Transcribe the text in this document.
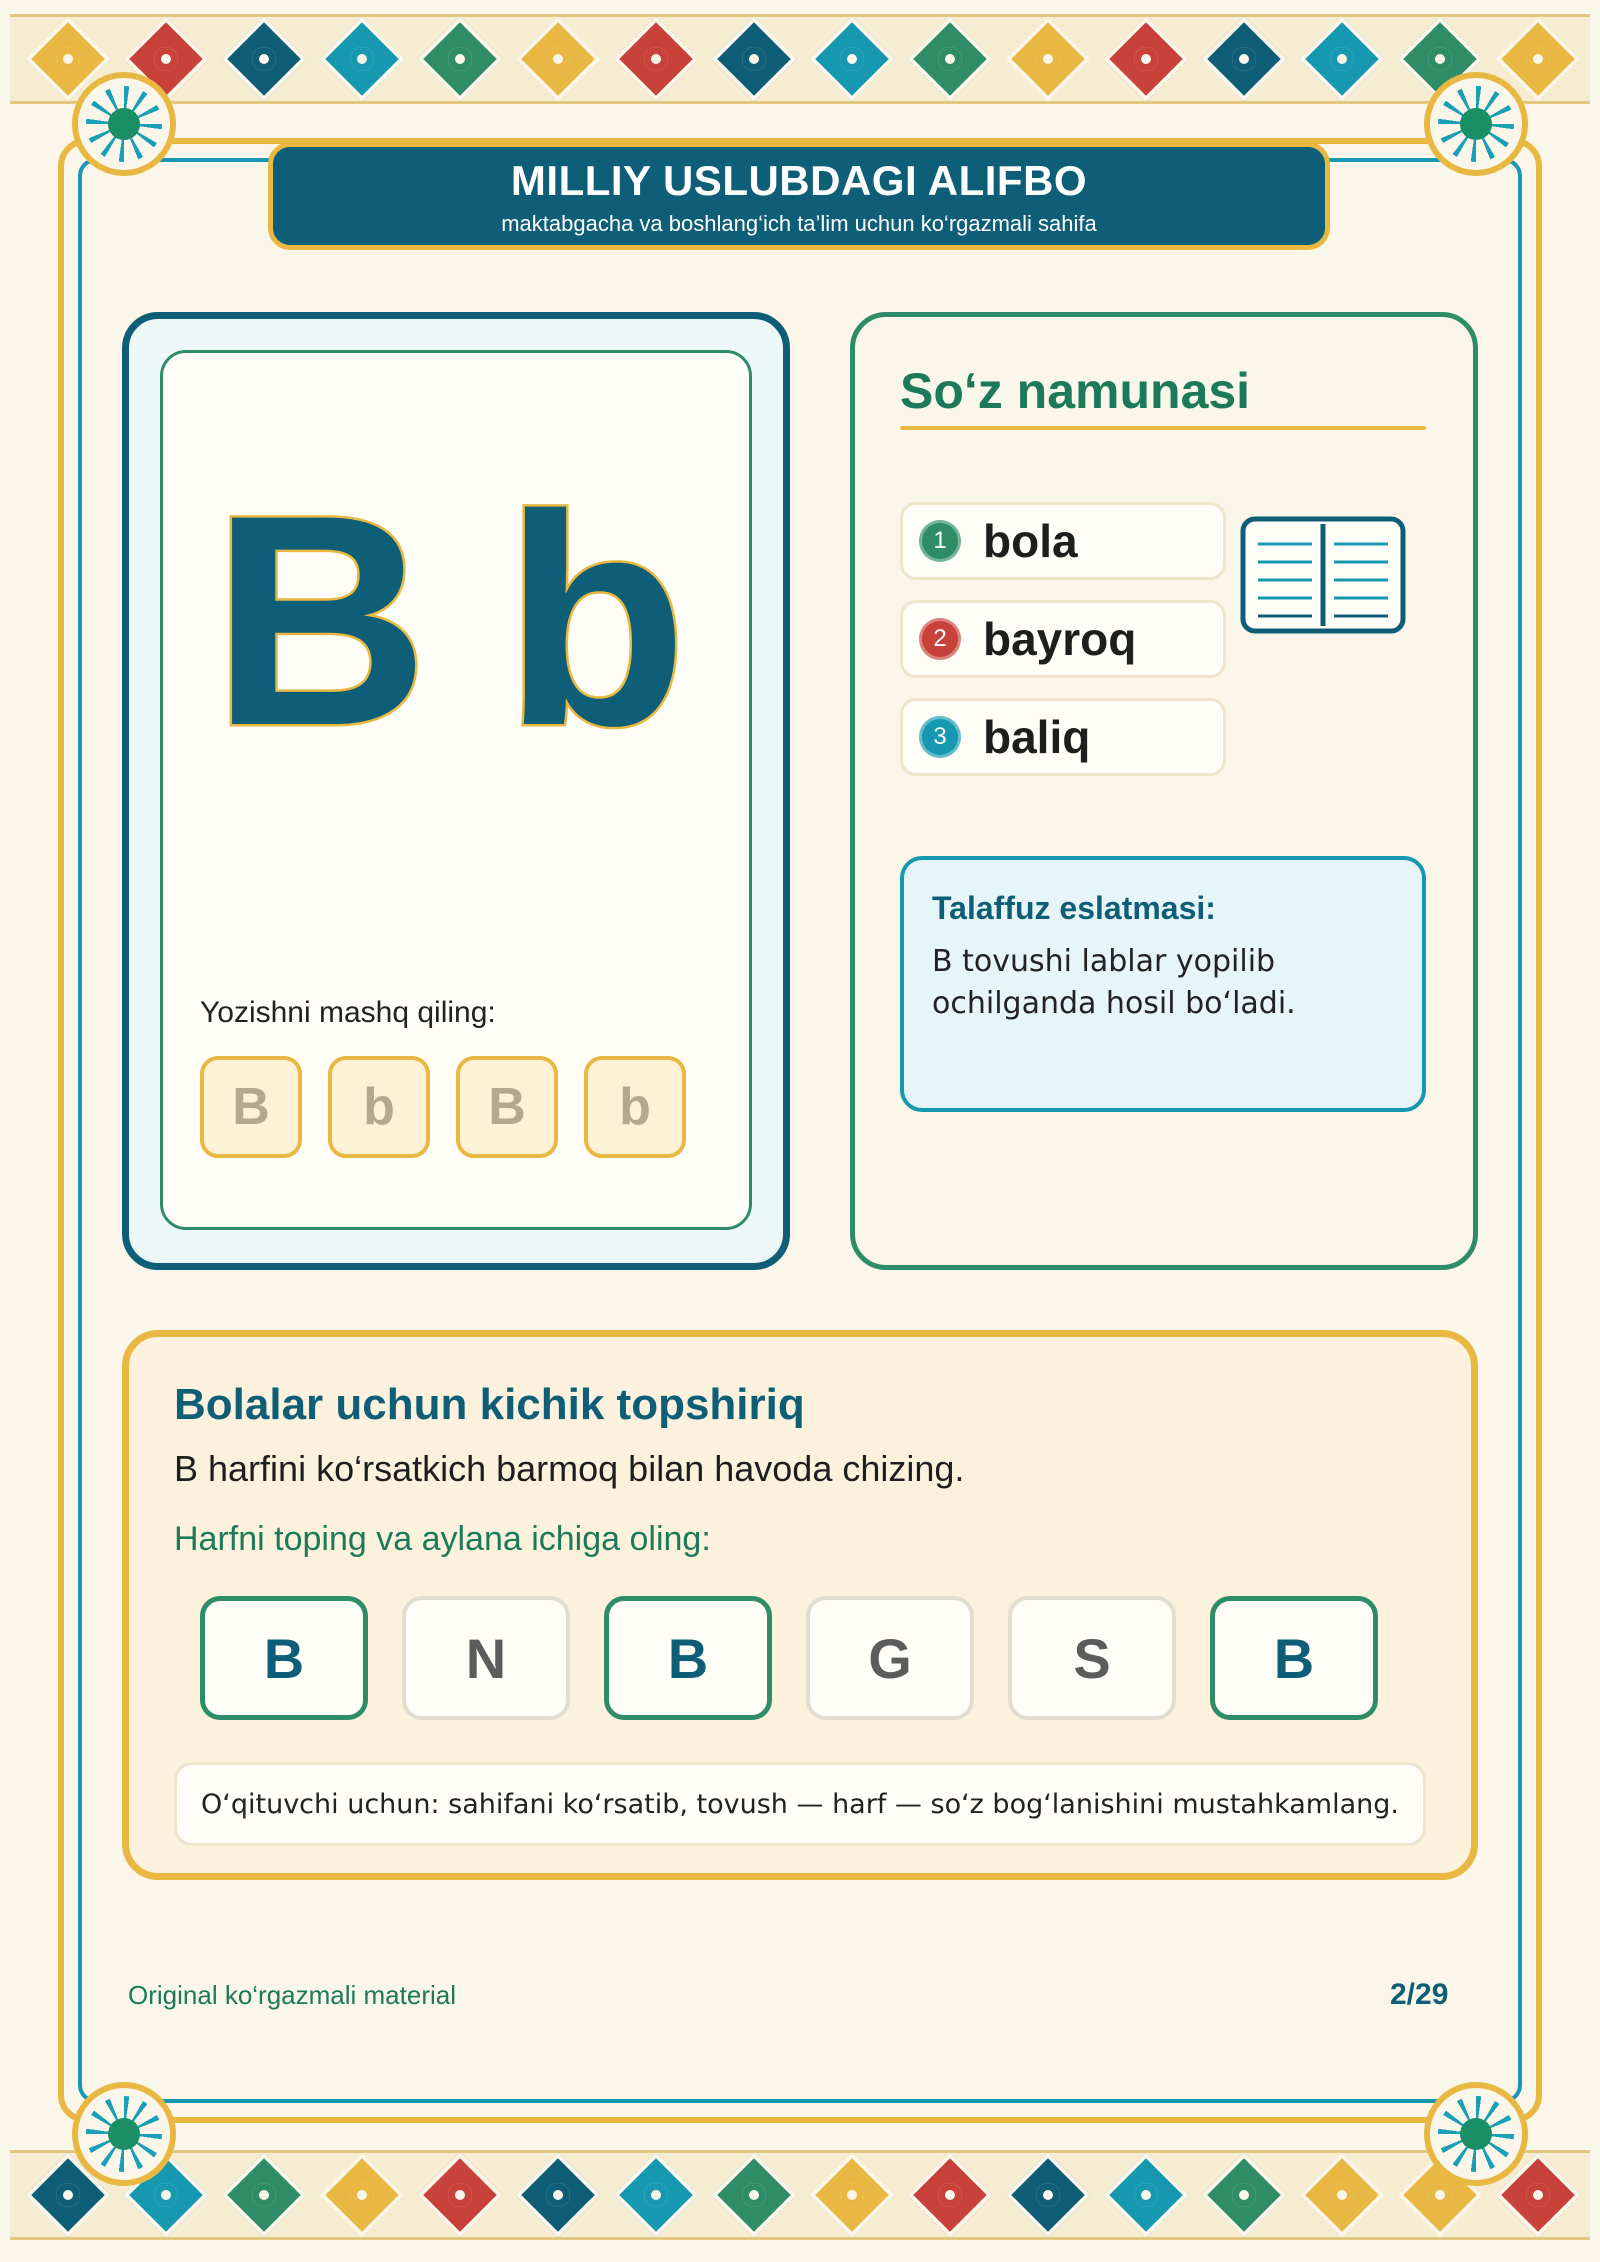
MILLIY USLUBDAGI ALIFBO
maktabgacha va boshlang‘ich ta’lim uchun ko‘rgazmali sahifa
B b
Yozishni mashq qiling:
B	b	B	b
So‘z namunasi
1 bola
2 bayroq
3 baliq
Talaffuz eslatmasi:
B tovushi lablar yopilib
ochilganda hosil bo‘ladi.
Bolalar uchun kichik topshiriq
B harfini ko‘rsatkich barmoq bilan havoda chizing.
Harfni toping va aylana ichiga oling:
B	N	B	G	S	B
O‘qituvchi uchun: sahifani ko‘rsatib, tovush — harf — so‘z bog‘lanishini mustahkamlang.
Original ko‘rgazmali material	2/29
